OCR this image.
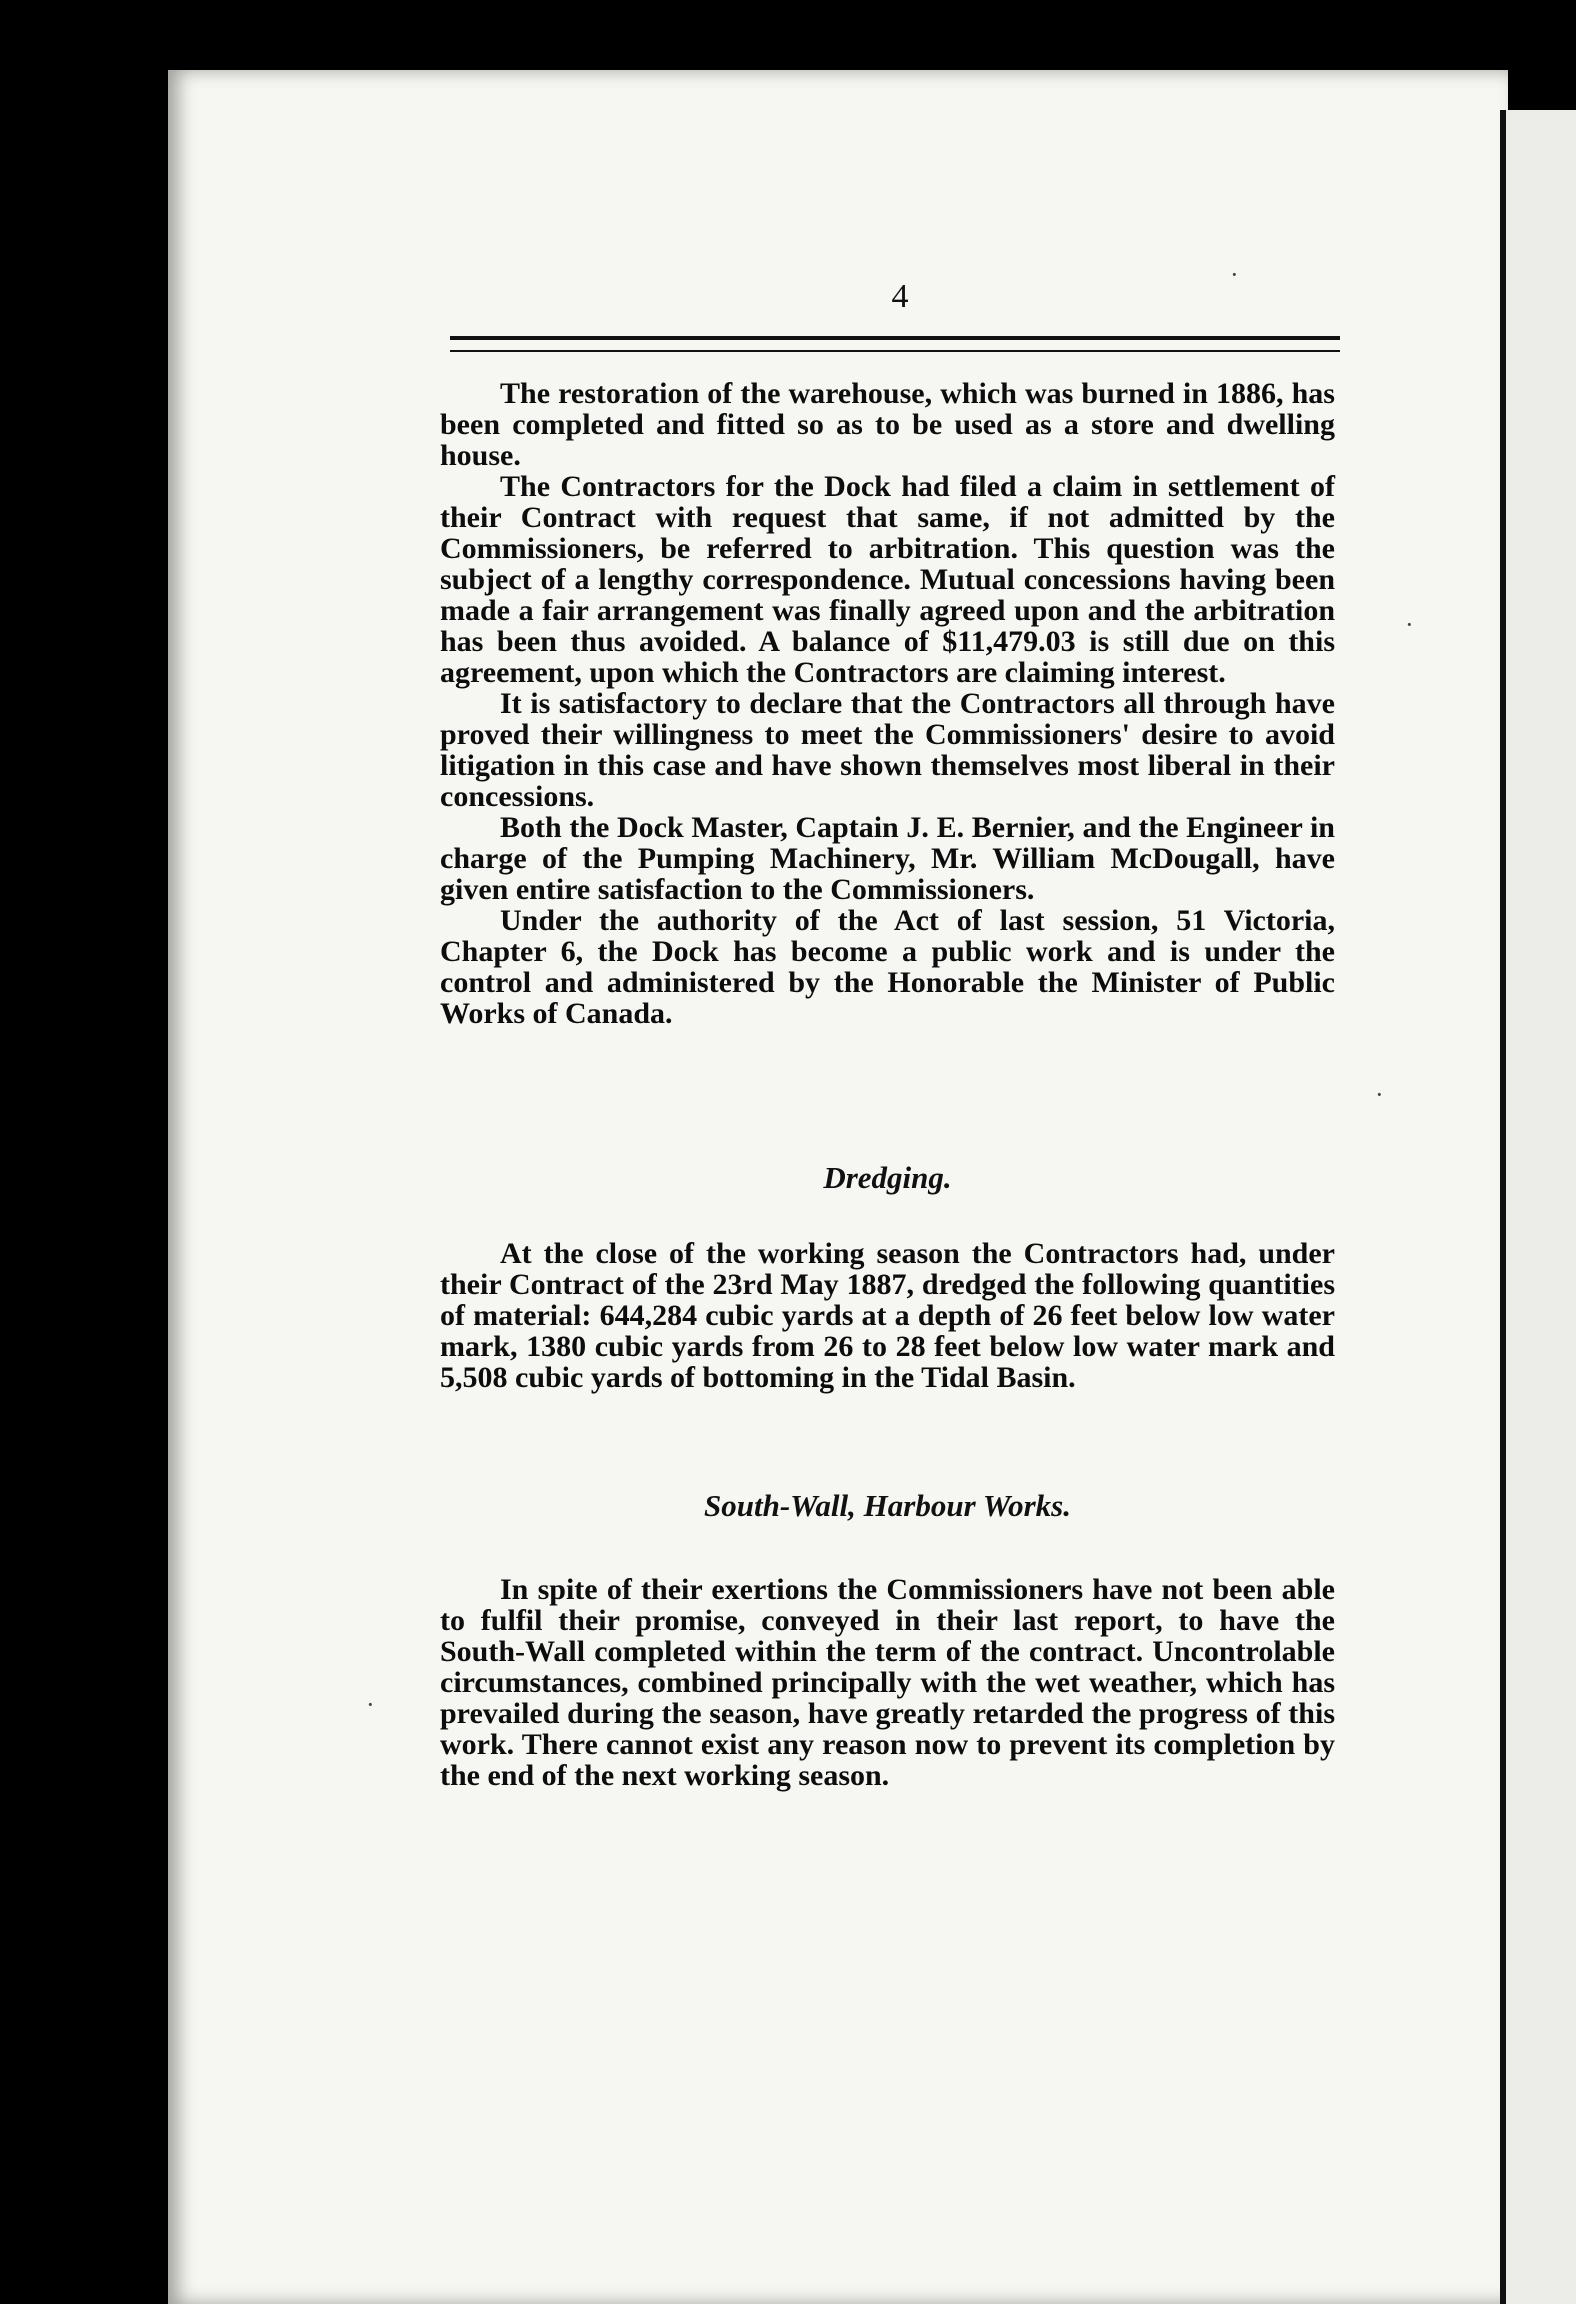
4

The restoration of the warehouse, which was burned in 1886, has been completed and fitted so as to be used as a store and dwelling house.

The Contractors for the Dock had filed a claim in settlement of their Contract with request that same, if not admitted by the Commissioners, be referred to arbitration. This question was the subject of a lengthy correspondence. Mutual concessions having been made a fair arrangement was finally agreed upon and the arbitration has been thus avoided. A balance of $11,479.03 is still due on this agreement, upon which the Contractors are claiming interest.

It is satisfactory to declare that the Contractors all through have proved their willingness to meet the Commissioners' desire to avoid litigation in this case and have shown themselves most liberal in their concessions.

Both the Dock Master, Captain J. E. Bernier, and the Engineer in charge of the Pumping Machinery, Mr. William McDougall, have given entire satisfaction to the Commissioners.

Under the authority of the Act of last session, 51 Victoria, Chapter 6, the Dock has become a public work and is under the control and administered by the Honorable the Minister of Public Works of Canada.

Dredging.

At the close of the working season the Contractors had, under their Contract of the 23rd May 1887, dredged the following quantities of material: 644,284 cubic yards at a depth of 26 feet below low water mark, 1380 cubic yards from 26 to 28 feet below low water mark and 5,508 cubic yards of bottoming in the Tidal Basin.

South-Wall, Harbour Works.

In spite of their exertions the Commissioners have not been able to fulfil their promise, conveyed in their last report, to have the South-Wall completed within the term of the contract. Uncontrolable circumstances, combined principally with the wet weather, which has prevailed during the season, have greatly retarded the progress of this work. There cannot exist any reason now to prevent its completion by the end of the next working season.

·
·
·
·
